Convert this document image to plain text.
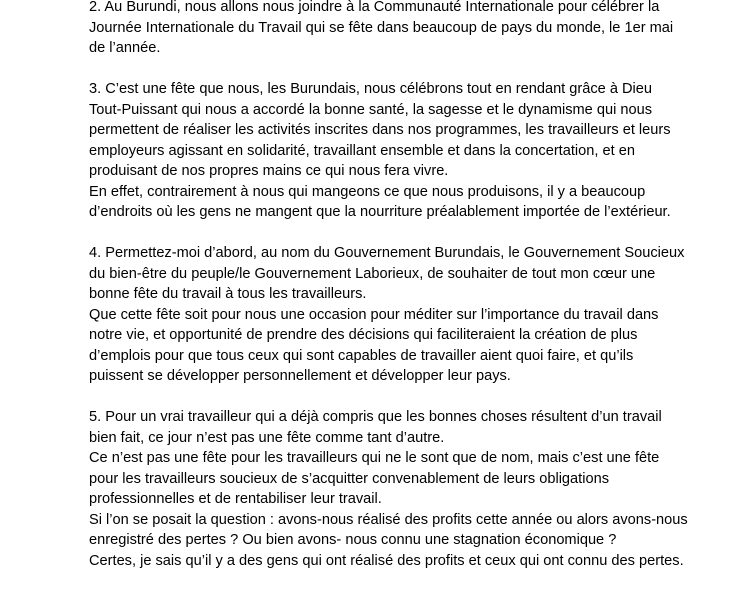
2. Au Burundi, nous allons nous joindre à la Communauté Internationale pour célébrer la
Journée Internationale du Travail qui se fête dans beaucoup de pays du monde, le 1er mai
de l’année.

3. C’est une fête que nous, les Burundais, nous célébrons tout en rendant grâce à Dieu
Tout-Puissant qui nous a accordé la bonne santé, la sagesse et le dynamisme qui nous
permettent de réaliser les activités inscrites dans nos programmes, les travailleurs et leurs
employeurs agissant en solidarité, travaillant ensemble et dans la concertation, et en
produisant de nos propres mains ce qui nous fera vivre.
En effet, contrairement à nous qui mangeons ce que nous produisons, il y a beaucoup
d’endroits où les gens ne mangent que la nourriture préalablement importée de l’extérieur.

4. Permettez-moi d’abord, au nom du Gouvernement Burundais, le Gouvernement Soucieux
du bien-être du peuple/le Gouvernement Laborieux, de souhaiter de tout mon cœur une
bonne fête du travail à tous les travailleurs.
Que cette fête soit pour nous une occasion pour méditer sur l’importance du travail dans
notre vie, et opportunité de prendre des décisions qui faciliteraient la création de plus
d’emplois pour que tous ceux qui sont capables de travailler aient quoi faire, et qu’ils
puissent se développer personnellement et développer leur pays.

5. Pour un vrai travailleur qui a déjà compris que les bonnes choses résultent d’un travail
bien fait, ce jour n’est pas une fête comme tant d’autre.
Ce n’est pas une fête pour les travailleurs qui ne le sont que de nom, mais c’est une fête
pour les travailleurs soucieux de s’acquitter convenablement de leurs obligations
professionnelles et de rentabiliser leur travail.
Si l’on se posait la question : avons-nous réalisé des profits cette année ou alors avons-nous
enregistré des pertes ? Ou bien avons- nous connu une stagnation économique ?
Certes, je sais qu’il y a des gens qui ont réalisé des profits et ceux qui ont connu des pertes.
